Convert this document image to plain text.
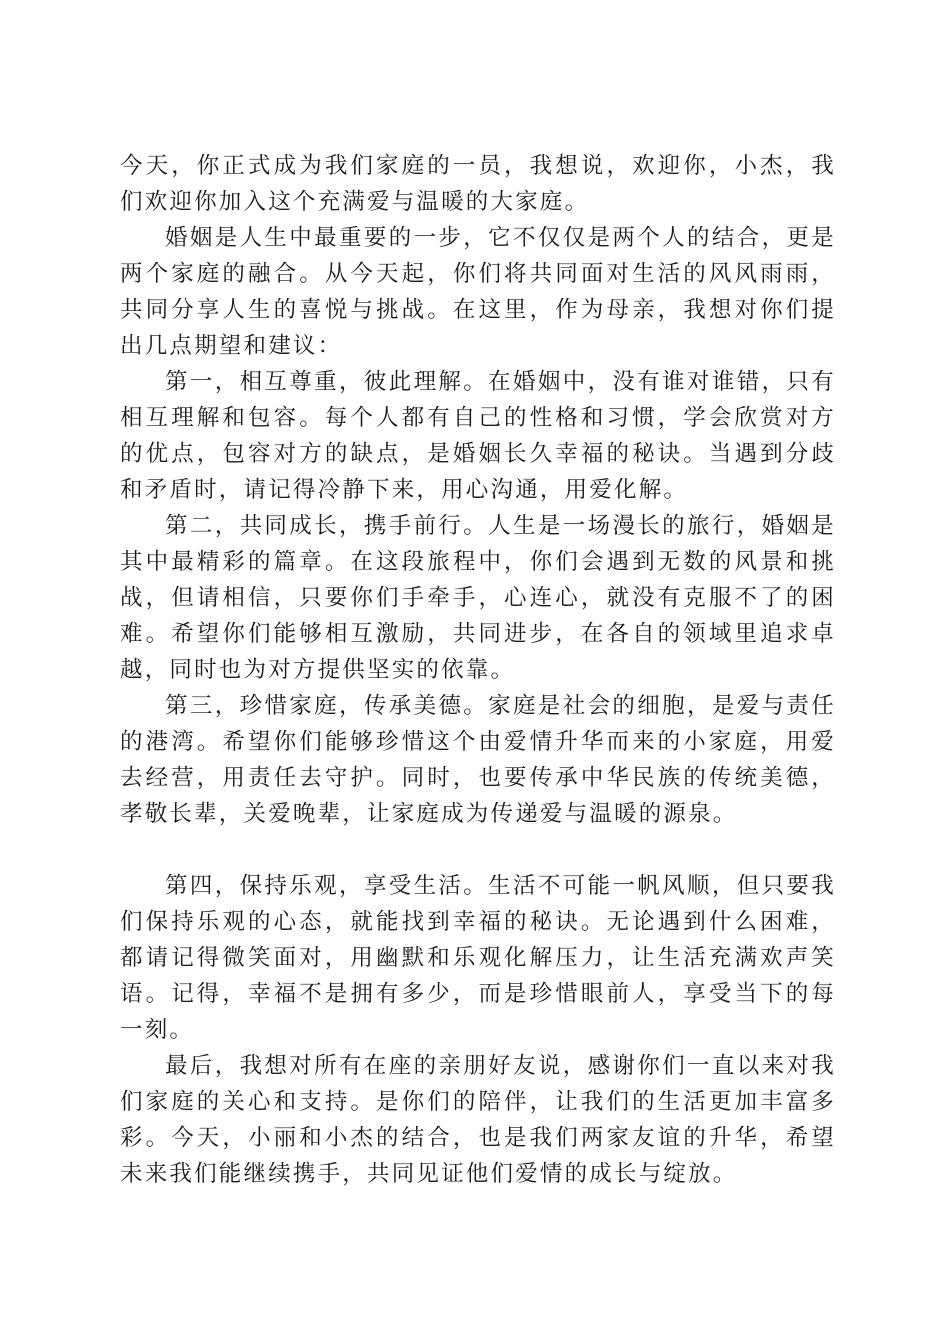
今天，你正式成为我们家庭的一员，我想说，欢迎你，小杰，我们欢迎你加入这个充满爱与温暖的大家庭。

婚姻是人生中最重要的一步，它不仅仅是两个人的结合，更是两个家庭的融合。从今天起，你们将共同面对生活的风风雨雨，共同分享人生的喜悦与挑战。在这里，作为母亲，我想对你们提出几点期望和建议：

第一，相互尊重，彼此理解。在婚姻中，没有谁对谁错，只有相互理解和包容。每个人都有自己的性格和习惯，学会欣赏对方的优点，包容对方的缺点，是婚姻长久幸福的秘诀。当遇到分歧和矛盾时，请记得冷静下来，用心沟通，用爱化解。

第二，共同成长，携手前行。人生是一场漫长的旅行，婚姻是其中最精彩的篇章。在这段旅程中，你们会遇到无数的风景和挑战，但请相信，只要你们手牵手，心连心，就没有克服不了的困难。希望你们能够相互激励，共同进步，在各自的领域里追求卓越，同时也为对方提供坚实的依靠。

第三，珍惜家庭，传承美德。家庭是社会的细胞，是爱与责任的港湾。希望你们能够珍惜这个由爱情升华而来的小家庭，用爱去经营，用责任去守护。同时，也要传承中华民族的传统美德，孝敬长辈，关爱晚辈，让家庭成为传递爱与温暖的源泉。

第四，保持乐观，享受生活。生活不可能一帆风顺，但只要我们保持乐观的心态，就能找到幸福的秘诀。无论遇到什么困难，都请记得微笑面对，用幽默和乐观化解压力，让生活充满欢声笑语。记得，幸福不是拥有多少，而是珍惜眼前人，享受当下的每一刻。

最后，我想对所有在座的亲朋好友说，感谢你们一直以来对我们家庭的关心和支持。是你们的陪伴，让我们的生活更加丰富多彩。今天，小丽和小杰的结合，也是我们两家友谊的升华，希望未来我们能继续携手，共同见证他们爱情的成长与绽放。
